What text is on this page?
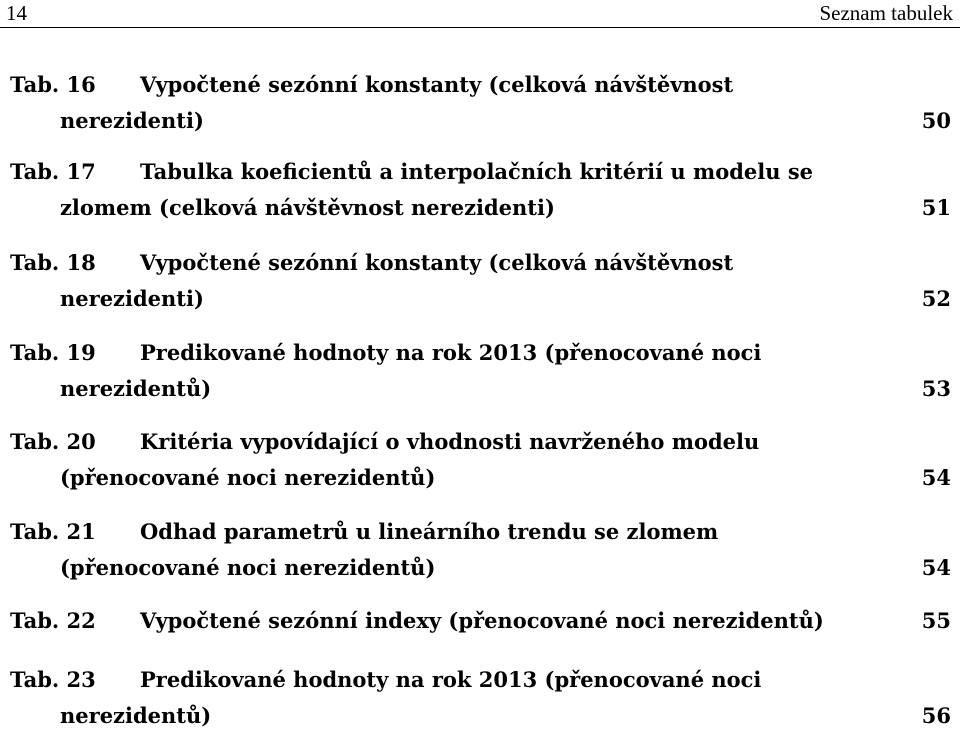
14	Seznam tabulek
Tab. 16	Vypočtené sezónní konstanty (celková návštěvnost nerezidenti)	50
Tab. 17	Tabulka koeficientů a interpolačních kritérií u modelu se zlomem (celková návštěvnost nerezidenti)	51
Tab. 18	Vypočtené sezónní konstanty (celková návštěvnost nerezidenti)	52
Tab. 19	Predikované hodnoty na rok 2013 (přenocované noci nerezidentů)	53
Tab. 20	Kritéria vypovídající o vhodnosti navrženého modelu (přenocované noci nerezidentů)	54
Tab. 21	Odhad parametrů u lineárního trendu se zlomem (přenocované noci nerezidentů)	54
Tab. 22	Vypočtené sezónní indexy (přenocované noci nerezidentů)	55
Tab. 23	Predikované hodnoty na rok 2013 (přenocované noci nerezidentů)	56
